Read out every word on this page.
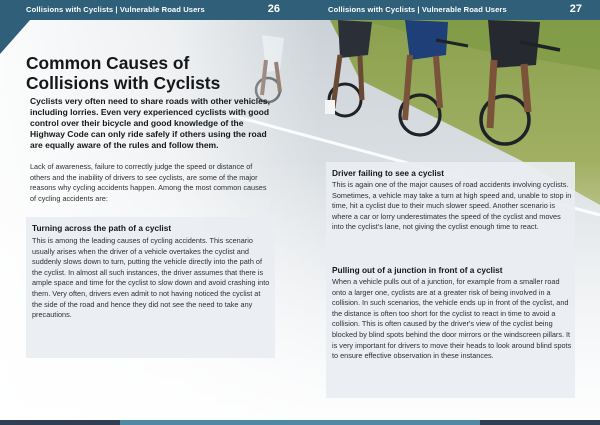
Collisions with Cyclists | Vulnerable Road Users	26
Common Causes of Collisions with Cyclists

Cyclists very often need to share roads with other vehicles, including lorries. Even very experienced cyclists with good control over their bicycle and good knowledge of the Highway Code can only ride safely if others using the road are equally aware of the rules and follow them.

Lack of awareness, failure to correctly judge the speed or distance of others and the inability of drivers to see cyclists, are some of the major reasons why cycling accidents happen. Among the most common causes of cycling accidents are:

Turning across the path of a cyclist

This is among the leading causes of cycling accidents. This scenario usually arises when the driver of a vehicle overtakes the cyclist and suddenly slows down to turn, putting the vehicle directly into the path of the cyclist. In almost all such instances, the driver assumes that there is ample space and time for the cyclist to slow down and avoid crashing into them. Very often, drivers even admit to not having noticed the cyclist at the side of the road and hence they did not see the need to take any precautions.

Collisions with Cyclists | Vulnerable Road Users	27

Driver failing to see a cyclist

This is again one of the major causes of road accidents involving cyclists. Sometimes, a vehicle may take a turn at high speed and, unable to stop in time, hit a cyclist due to their much slower speed. Another scenario is where a car or lorry underestimates the speed of the cyclist and moves into the cyclist's lane, not giving the cyclist enough time to react.

Pulling out of a junction in front of a cyclist

When a vehicle pulls out of a junction, for example from a smaller road onto a larger one, cyclists are at a greater risk of being involved in a collision. In such scenarios, the vehicle ends up in front of the cyclist, and the distance is often too short for the cyclist to react in time to avoid a collision. This is often caused by the driver's view of the cyclist being blocked by blind spots behind the door mirrors or the windscreen pillars. It is very important for drivers to move their heads to look around blind spots to ensure effective observation in these instances.
